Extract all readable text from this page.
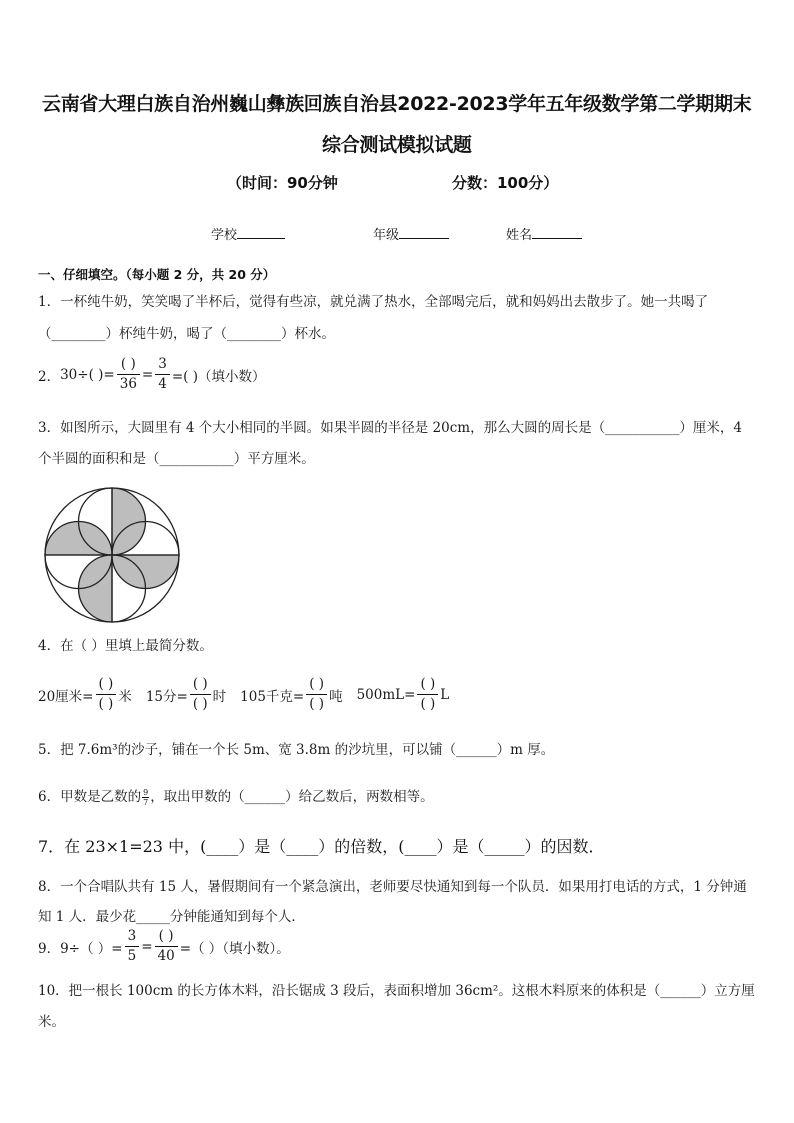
云南省大理白族自治州巍山彝族回族自治县2022-2023学年五年级数学第二学期期末
综合测试模拟试题
（时间：90分钟	分数：100分）
学校	年级	姓名
一、仔细填空。（每小题 2 分，共 20 分）
1．一杯纯牛奶，笑笑喝了半杯后，觉得有些凉，就兑满了热水，全部喝完后，就和妈妈出去散步了。她一共喝了
（________）杯纯牛奶，喝了（________）杯水。
2． 30÷( )= $\frac{( )}{36} = \frac{3}{4}$ =( )（填小数）
3．如图所示，大圆里有 4 个大小相同的半圆。如果半圆的半径是 20cm，那么大圆的周长是（___________）厘米，4
个半圆的面积和是（___________）平方厘米。
4．在（ ）里填上最简分数。
20厘米= $\frac{( )}{( )}$ 米 15分= $\frac{( )}{( )}$ 时 105千克= $\frac{( )}{( )}$ 吨 $500mL= \frac{( )}{( )}$ L
5．把 7.6m³的沙子，铺在一个长 5m、宽 3.8m 的沙坑里，可以铺（______）m 厚。
6．甲数是乙数的 $\frac{9}{7}$ ，取出甲数的（______）给乙数后，两数相等。
7．在 23×1=23 中，(____）是（____）的倍数，(____）是（_____）的因数．
8．一个合唱队共有 15 人，暑假期间有一个紧急演出，老师要尽快通知到每一个队员．如果用打电话的方式，1 分钟通
知 1 人．最少花_____分钟能通知到每个人．
9．9÷（ ）= $\frac{3}{5} = \frac{( )}{40}$ =（ ）（填小数）。
10．把一根长 100cm 的长方体木料，沿长锯成 3 段后，表面积增加 36cm²。这根木料原来的体积是（______）立方厘
米。
